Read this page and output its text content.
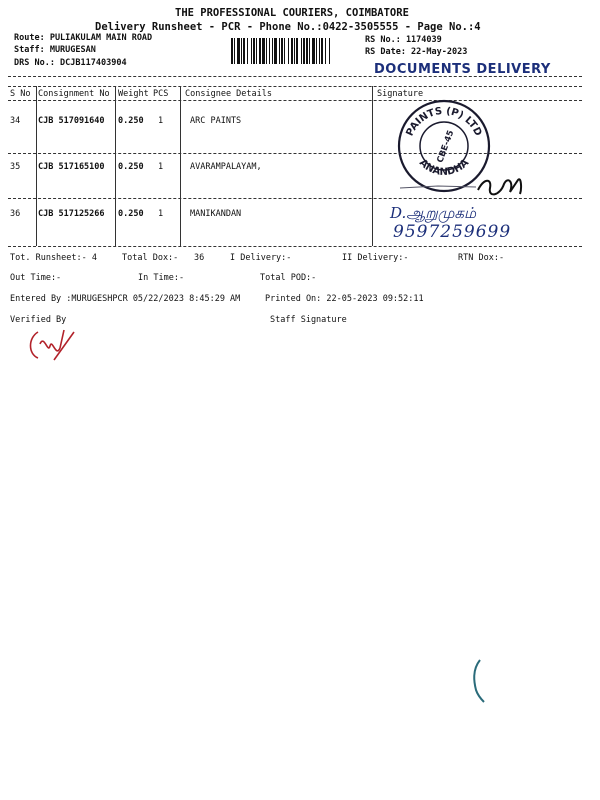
THE PROFESSIONAL COURIERS, COIMBATORE
Delivery Runsheet - PCR - Phone No.:0422-3505555 - Page No.:4
Route: PULIAKULAM MAIN ROAD
Staff: MURUGESAN
DRS No.: DCJB117403904
RS No.: 1174039
RS Date: 22-May-2023
DOCUMENTS DELIVERY
S No Consignment No Weight PCS Consignee Details	Signature
34 CJB 517091640 0.250 1	ARC PAINTS
35 CJB 517165100 0.250 1	AVARAMPALAYAM,
36 CJB 517125266 0.250 1	MANIKANDAN
PAINTS (P) LTD
ANANDHA
CBE-45
D.ஆறுமுகம்
9597259699
Tot. Runsheet:- 4	Total Dox:- 36	I Delivery:-	II Delivery:-	RTN Dox:-
Out Time:-	In Time:-	Total POD:-
Entered By :MURUGESHPCR 05/22/2023 8:45:29 AM	Printed On: 22-05-2023 09:52:11
Verified By	Staff Signature
